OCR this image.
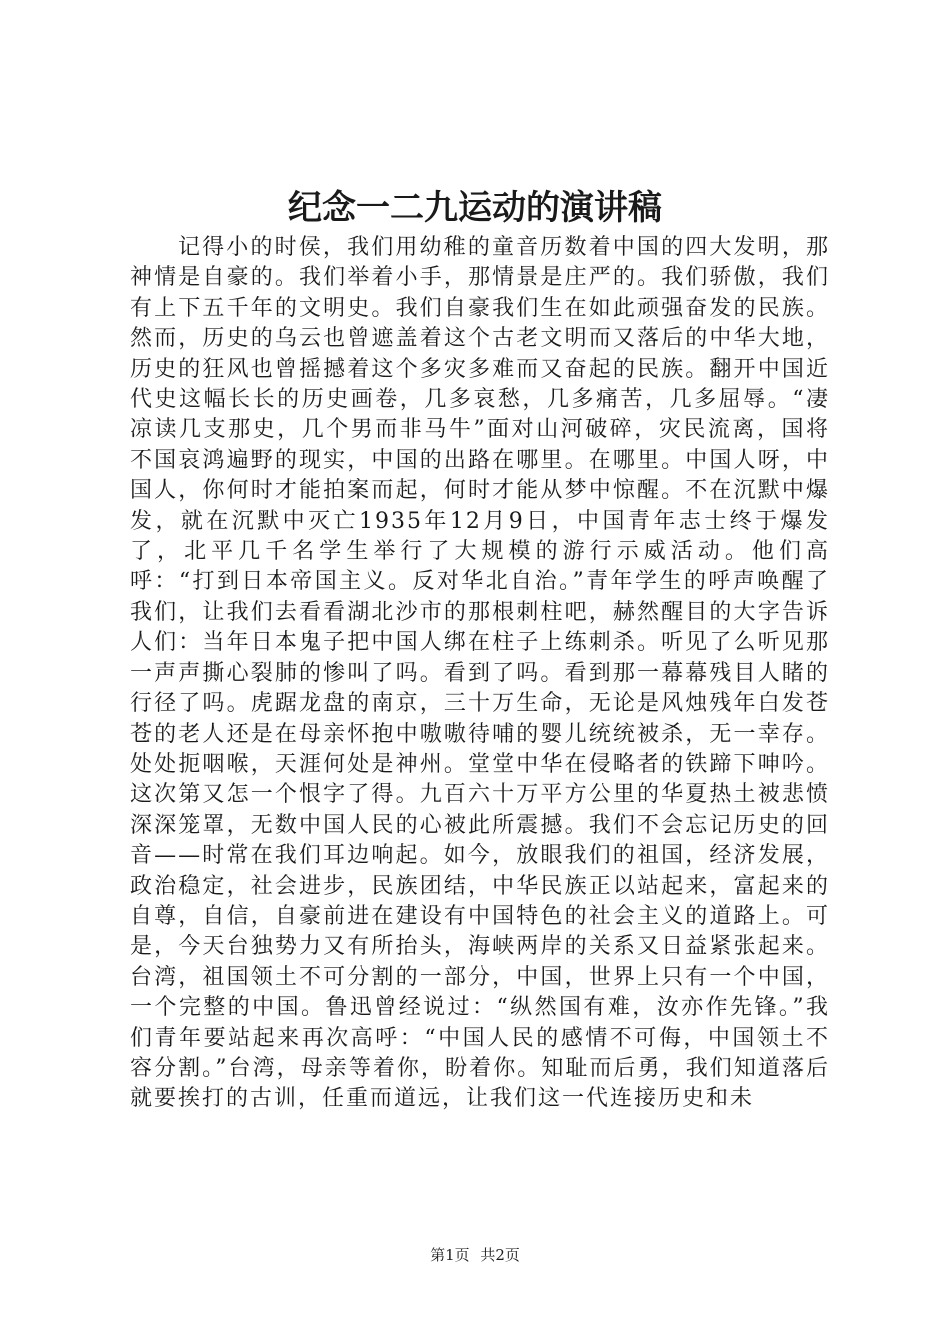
纪念一二九运动的演讲稿

记得小的时侯，我们用幼稚的童音历数着中国的四大发明，那神情是自豪的。我们举着小手，那情景是庄严的。我们骄傲，我们有上下五千年的文明史。我们自豪我们生在如此顽强奋发的民族。然而，历史的乌云也曾遮盖着这个古老文明而又落后的中华大地，历史的狂风也曾摇撼着这个多灾多难而又奋起的民族。翻开中国近代史这幅长长的历史画卷，几多哀愁，几多痛苦，几多屈辱。“凄凉读几支那史，几个男而非马牛”面对山河破碎，灾民流离，国将不国哀鸿遍野的现实，中国的出路在哪里。在哪里。中国人呀，中国人，你何时才能拍案而起，何时才能从梦中惊醒。不在沉默中爆发，就在沉默中灭亡1935年12月9日，中国青年志士终于爆发了，北平几千名学生举行了大规模的游行示威活动。他们高呼：“打到日本帝国主义。反对华北自治。”青年学生的呼声唤醒了我们，让我们去看看湖北沙市的那根刺柱吧，赫然醒目的大字告诉人们：当年日本鬼子把中国人绑在柱子上练刺杀。听见了么听见那一声声撕心裂肺的惨叫了吗。看到了吗。看到那一幕幕残目人睹的行径了吗。虎踞龙盘的南京，三十万生命，无论是风烛残年白发苍苍的老人还是在母亲怀抱中嗷嗷待哺的婴儿统统被杀，无一幸存。处处扼咽喉，天涯何处是神州。堂堂中华在侵略者的铁蹄下呻吟。这次第又怎一个恨字了得。九百六十万平方公里的华夏热土被悲愤深深笼罩，无数中国人民的心被此所震撼。我们不会忘记历史的回音——时常在我们耳边响起。如今，放眼我们的祖国，经济发展，政治稳定，社会进步，民族团结，中华民族正以站起来，富起来的自尊，自信，自豪前进在建设有中国特色的社会主义的道路上。可是，今天台独势力又有所抬头，海峡两岸的关系又日益紧张起来。台湾，祖国领土不可分割的一部分，中国，世界上只有一个中国，一个完整的中国。鲁迅曾经说过：“纵然国有难，汝亦作先锋。”我们青年要站起来再次高呼：“中国人民的感情不可侮，中国领土不容分割。”台湾，母亲等着你，盼着你。知耻而后勇，我们知道落后就要挨打的古训，任重而道远，让我们这一代连接历史和未

第1页 共2页
